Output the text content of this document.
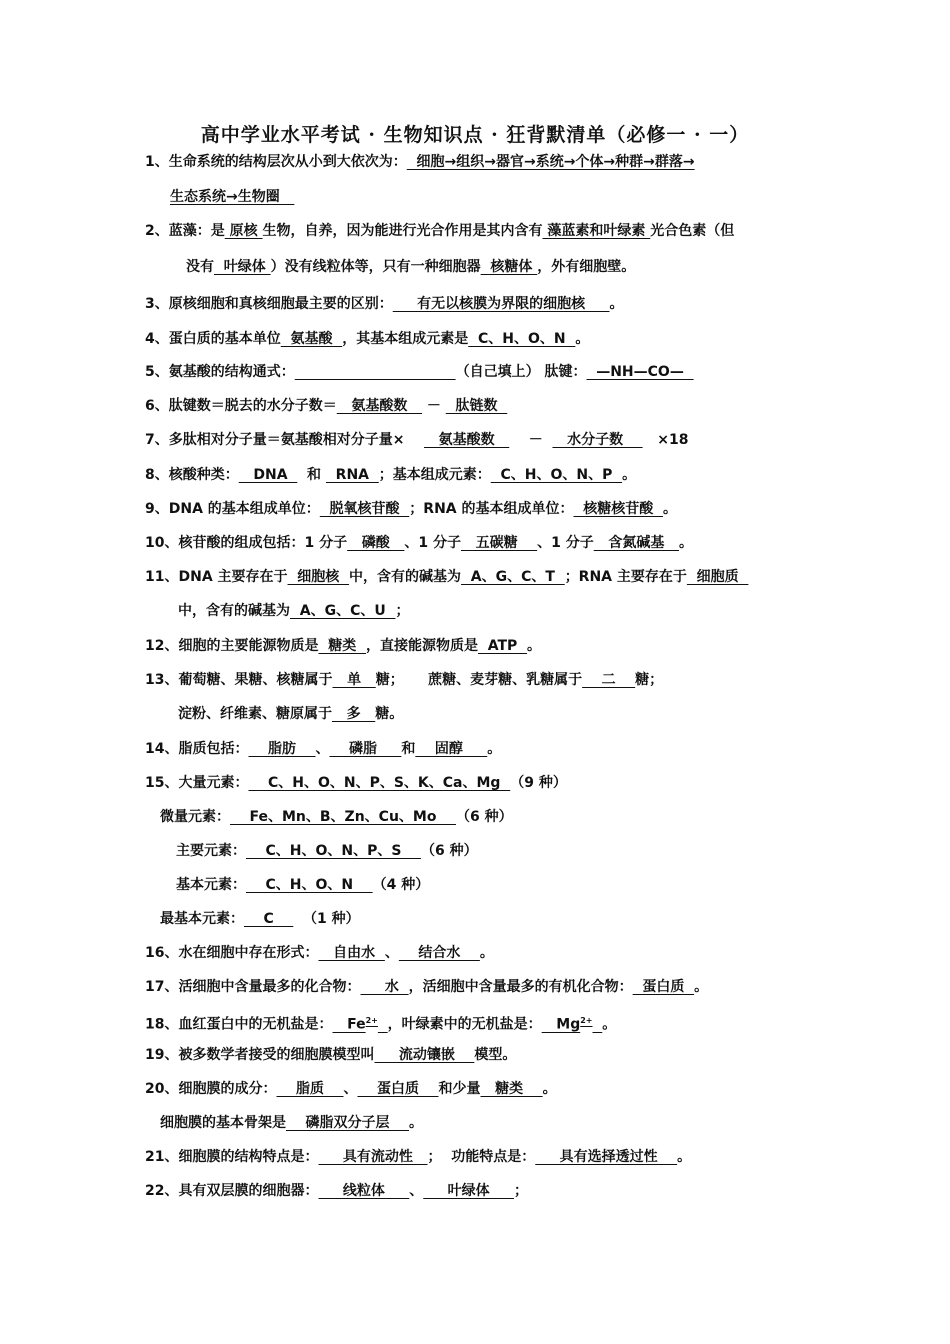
高中学业水平考试 · 生物知识点 · 狂背默清单（必修一 · 一）
1、生命系统的结构层次从小到大依次为：  细胞→组织→器官→系统→个体→种群→群落→
生态系统→生物圈
2、蓝藻：是 原核 生物，自养，因为能进行光合作用是其内含有 藻蓝素和叶绿素 光合色素（但
没有  叶绿体 ）没有线粒体等，只有一种细胞器  核糖体 ，外有细胞壁。
3、原核细胞和真核细胞最主要的区别：     有无以核膜为界限的细胞核     。
4、蛋白质的基本单位  氨基酸  ，其基本组成元素是  C、H、O、N  。
5、氨基酸的结构通式：	（自己填上） 肽键：  —NH—CO—
6、肽键数＝脱去的水分子数＝   氨基酸数    －   肽链数
7、多肽相对分子量＝氨基酸相对分子量×       氨基酸数       －     水分子数       ×18
8、核酸种类：   DNA    和   RNA  ；基本组成元素：  C、H、O、N、P  。
9、DNA 的基本组成单位：  脱氧核苷酸  ；RNA 的基本组成单位：  核糖核苷酸  。
10、核苷酸的组成包括：1 分子   磷酸   、1 分子   五碳糖    、1 分子   含氮碱基   。
11、DNA 主要存在于  细胞核  中，含有的碱基为  A、G、C、T  ；RNA 主要存在于  细胞质
中，含有的碱基为  A、G、C、U  ；
12、细胞的主要能源物质是  糖类  ，直接能源物质是  ATP  。
13、葡萄糖、果糖、核糖属于   单   糖；     蔗糖、麦芽糖、乳糖属于    二    糖；
淀粉、纤维素、糖原属于   多   糖。
14、脂质包括：    脂肪    、    磷脂     和    固醇     。
15、大量元素：    C、H、O、N、P、S、K、Ca、Mg  （9 种）
微量元素：    Fe、Mn、B、Zn、Cu、Mo    （6 种）
主要元素：    C、H、O、N、P、S    （6 种）
基本元素：    C、H、O、N    （4 种）
最基本元素：    C      （1 种）
16、水在细胞中存在形式：   自由水  、    结合水    。
17、活细胞中含量最多的化合物：     水  ，活细胞中含量最多的有机化合物：  蛋白质  。
18、血红蛋白中的无机盐是：   $Fe^{2+}$ ，叶绿素中的无机盐是：   $Mg^{2+}$ 。
19、被多数学者接受的细胞膜模型叫     流动镶嵌    模型。
20、细胞膜的成分：    脂质    、    蛋白质    和少量   糖类    。
细胞膜的基本骨架是    磷脂双分子层    。
21、细胞膜的结构特点是：     具有流动性   ；  功能特点是：     具有选择透过性    。
22、具有双层膜的细胞器：     线粒体     、     叶绿体     ；
